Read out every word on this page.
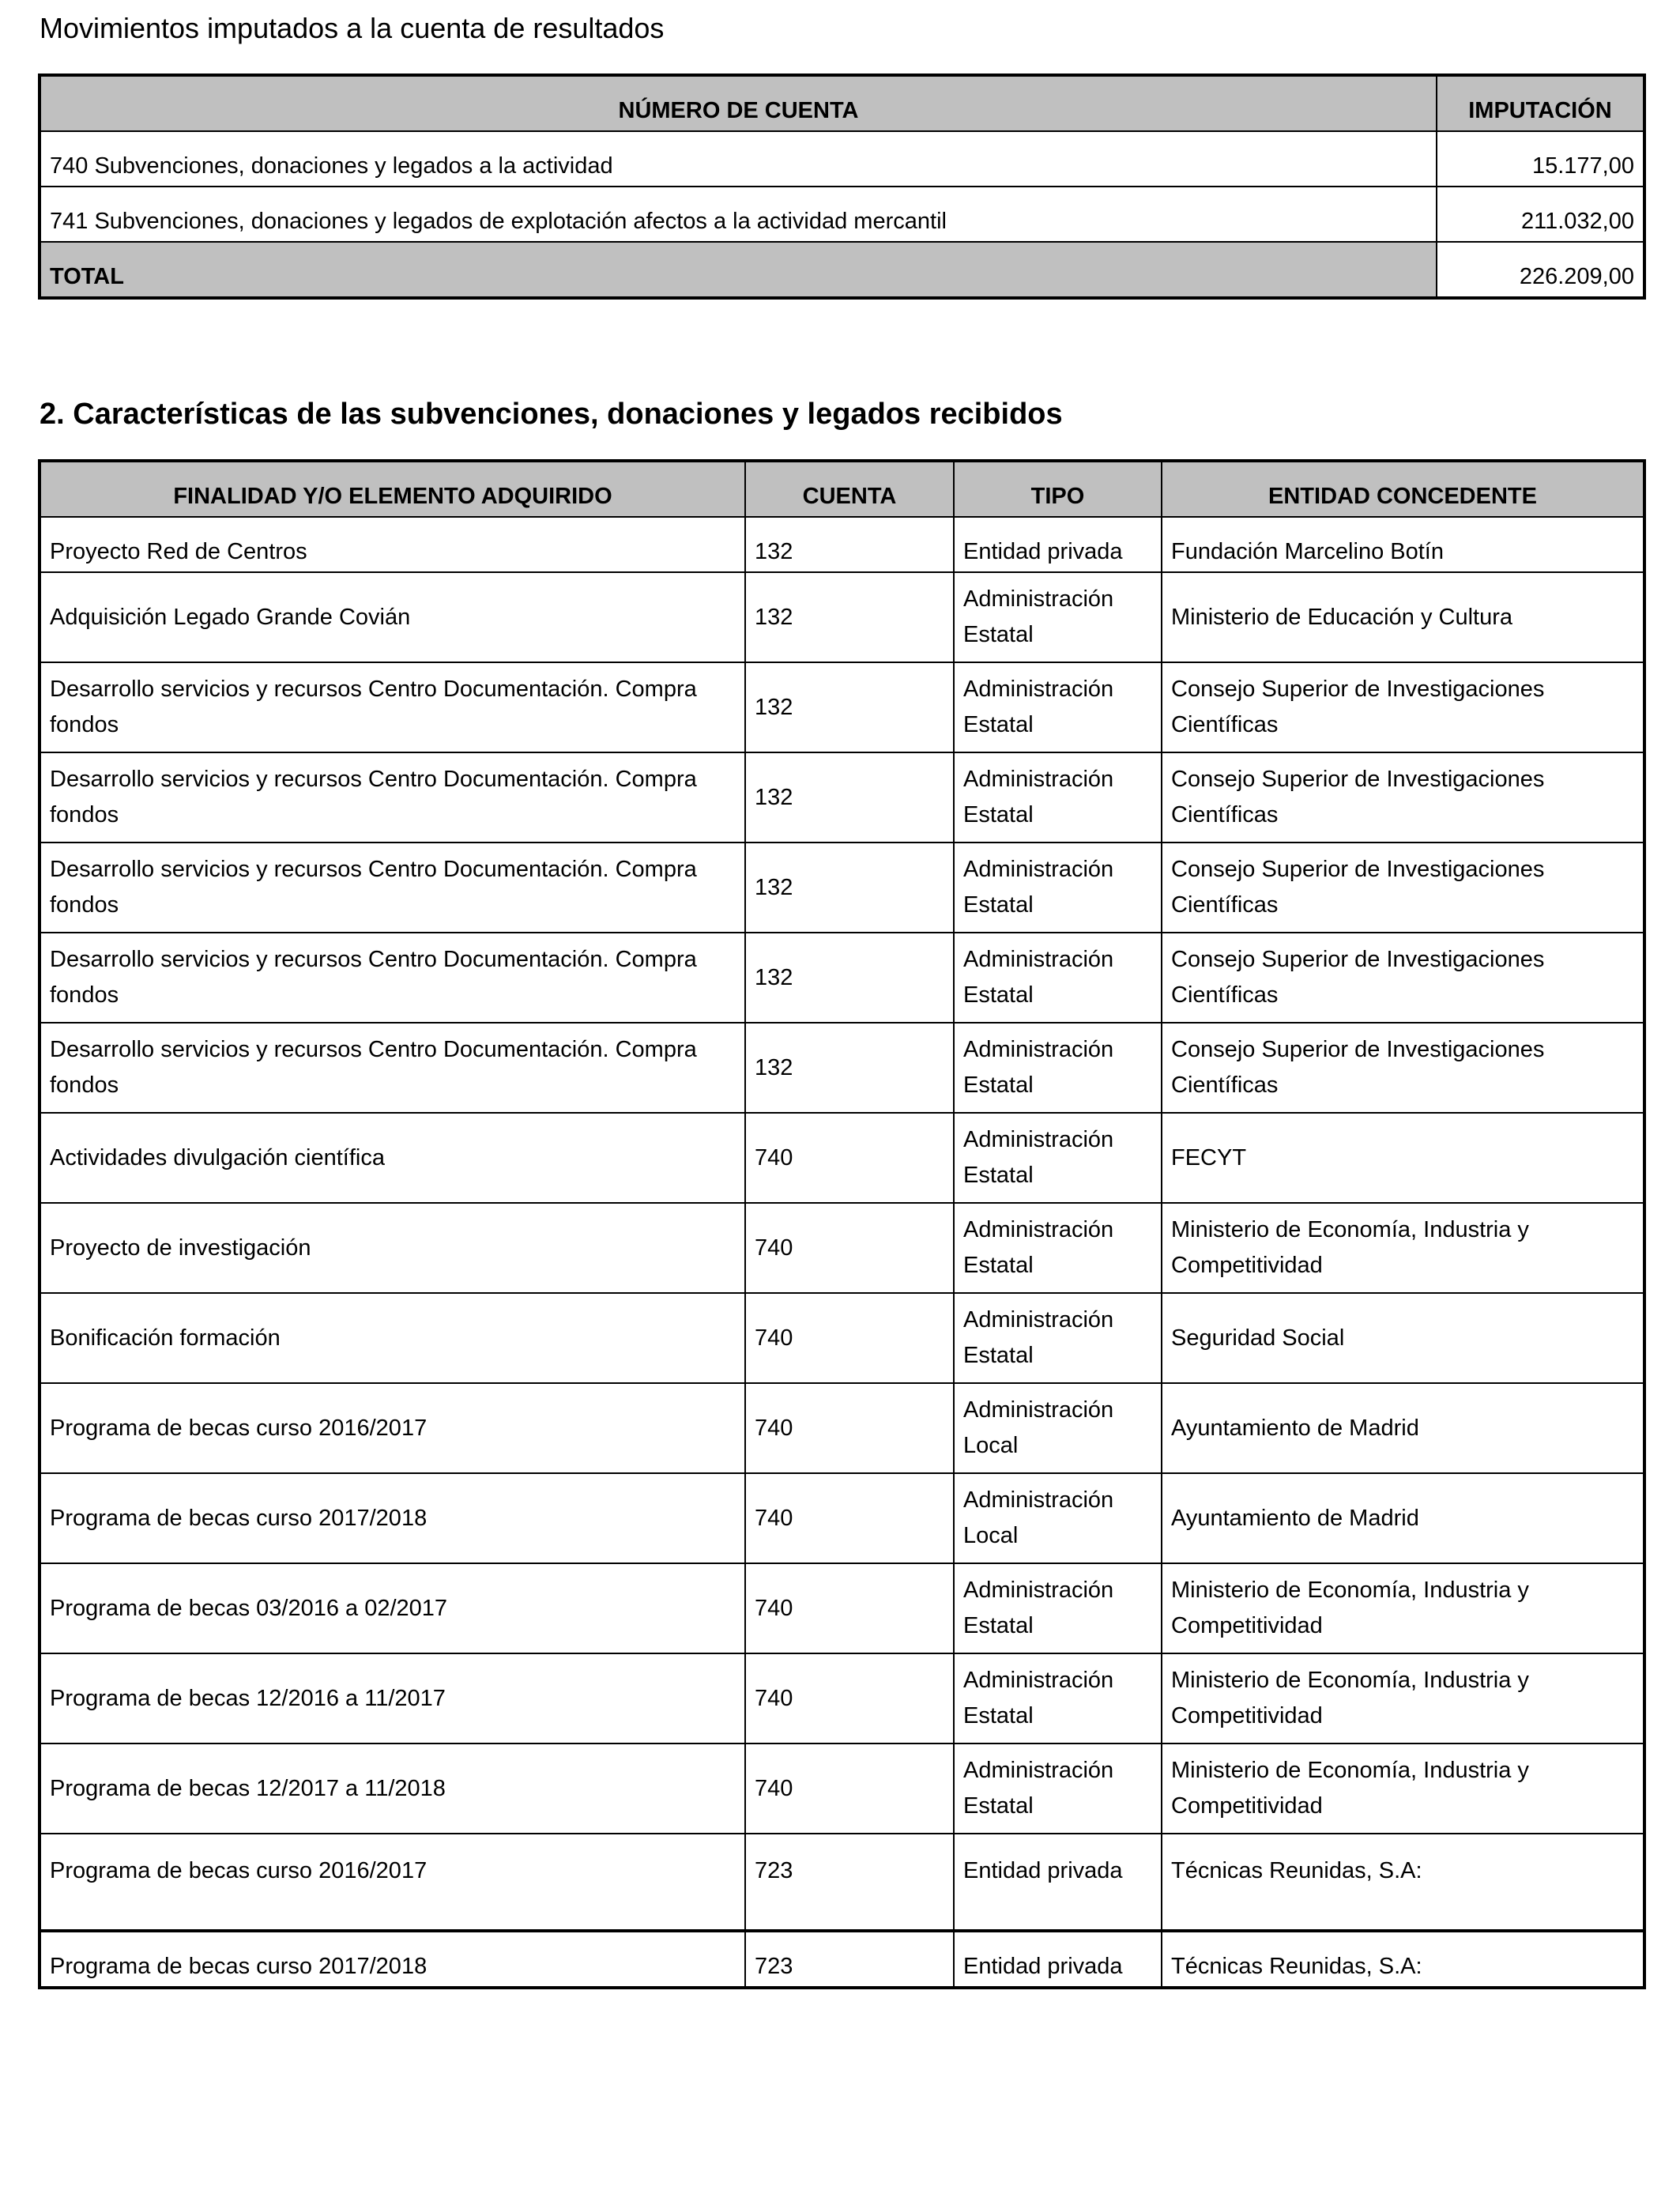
Movimientos imputados a la cuenta de resultados
NÚMERO DE CUENTA	IMPUTACIÓN
740 Subvenciones, donaciones y legados a la actividad	15.177,00
741 Subvenciones, donaciones y legados de explotación afectos a la actividad mercantil	211.032,00
TOTAL	226.209,00
2. Características de las subvenciones, donaciones y legados recibidos
FINALIDAD Y/O ELEMENTO ADQUIRIDO	CUENTA	TIPO	ENTIDAD CONCEDENTE
Proyecto Red de Centros	132	Entidad privada	Fundación Marcelino Botín
Adquisición Legado Grande Covián	132	Administración Estatal	Ministerio de Educación y Cultura
Desarrollo servicios y recursos Centro Documentación. Compra fondos	132	Administración Estatal	Consejo Superior de Investigaciones Científicas
Desarrollo servicios y recursos Centro Documentación. Compra fondos	132	Administración Estatal	Consejo Superior de Investigaciones Científicas
Desarrollo servicios y recursos Centro Documentación. Compra fondos	132	Administración Estatal	Consejo Superior de Investigaciones Científicas
Desarrollo servicios y recursos Centro Documentación. Compra fondos	132	Administración Estatal	Consejo Superior de Investigaciones Científicas
Desarrollo servicios y recursos Centro Documentación. Compra fondos	132	Administración Estatal	Consejo Superior de Investigaciones Científicas
Actividades divulgación científica	740	Administración Estatal	FECYT
Proyecto de investigación	740	Administración Estatal	Ministerio de Economía, Industria y Competitividad
Bonificación formación	740	Administración Estatal	Seguridad Social
Programa de becas curso 2016/2017	740	Administración Local	Ayuntamiento de Madrid
Programa de becas curso 2017/2018	740	Administración Local	Ayuntamiento de Madrid
Programa de becas 03/2016 a 02/2017	740	Administración Estatal	Ministerio de Economía, Industria y Competitividad
Programa de becas 12/2016 a 11/2017	740	Administración Estatal	Ministerio de Economía, Industria y Competitividad
Programa de becas 12/2017 a 11/2018	740	Administración Estatal	Ministerio de Economía, Industria y Competitividad
Programa de becas curso 2016/2017	723	Entidad privada	Técnicas Reunidas, S.A:
Programa de becas curso 2017/2018	723	Entidad privada	Técnicas Reunidas, S.A:
